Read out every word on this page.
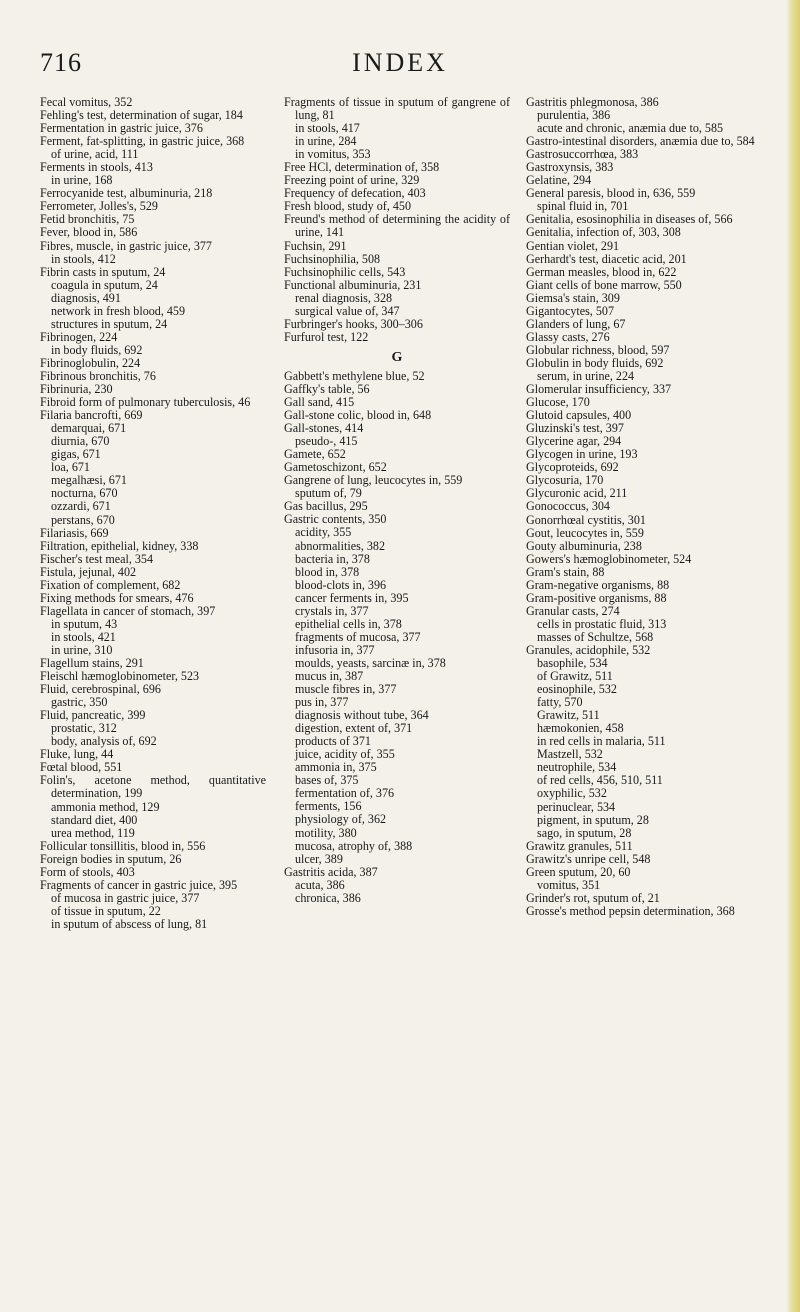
716	INDEX
Fecal vomitus, 352
Fehling's test, determination of sugar, 184
Fermentation in gastric juice, 376
Ferment, fat-splitting, in gastric juice, 368
of urine, acid, 111
Ferments in stools, 413
in urine, 168
Ferrocyanide test, albuminuria, 218
Ferrometer, Jolles's, 529
Fetid bronchitis, 75
Fever, blood in, 586
Fibres, muscle, in gastric juice, 377
in stools, 412
Fibrin casts in sputum, 24
coagula in sputum, 24
diagnosis, 491
network in fresh blood, 459
structures in sputum, 24
Fibrinogen, 224
in body fluids, 692
Fibrinoglobulin, 224
Fibrinous bronchitis, 76
Fibrinuria, 230
Fibroid form of pulmonary tuberculosis, 46
Filaria bancrofti, 669
demarquai, 671
diurnia, 670
gigas, 671
loa, 671
megalhæsi, 671
nocturna, 670
ozzardi, 671
perstans, 670
Filariasis, 669
Filtration, epithelial, kidney, 338
Fischer's test meal, 354
Fistula, jejunal, 402
Fixation of complement, 682
Fixing methods for smears, 476
Flagellata in cancer of stomach, 397
in sputum, 43
in stools, 421
in urine, 310
Flagellum stains, 291
Fleischl hæmoglobinometer, 523
Fluid, cerebrospinal, 696
gastric, 350
Fluid, pancreatic, 399
prostatic, 312
body, analysis of, 692
Fluke, lung, 44
Fœtal blood, 551
Folin's, acetone method, quantitative determination, 199
ammonia method, 129
standard diet, 400
urea method, 119
Follicular tonsillitis, blood in, 556
Foreign bodies in sputum, 26
Form of stools, 403
Fragments of cancer in gastric juice, 395
of mucosa in gastric juice, 377
of tissue in sputum, 22
in sputum of abscess of lung, 81
Fragments of tissue in sputum of gangrene of lung, 81
in stools, 417
in urine, 284
in vomitus, 353
Free HCl, determination of, 358
Freezing point of urine, 329
Frequency of defecation, 403
Fresh blood, study of, 450
Freund's method of determining the acidity of urine, 141
Fuchsin, 291
Fuchsinophilia, 508
Fuchsinophilic cells, 543
Functional albuminuria, 231
renal diagnosis, 328
surgical value of, 347
Furbringer's hooks, 300–306
Furfurol test, 122
G
Gabbett's methylene blue, 52
Gaffky's table, 56
Gall sand, 415
Gall-stone colic, blood in, 648
Gall-stones, 414
pseudo-, 415
Gamete, 652
Gametoschizont, 652
Gangrene of lung, leucocytes in, 559
sputum of, 79
Gas bacillus, 295
Gastric contents, 350
acidity, 355
abnormalities, 382
bacteria in, 378
blood in, 378
blood-clots in, 396
cancer ferments in, 395
crystals in, 377
epithelial cells in, 378
fragments of mucosa, 377
infusoria in, 377
moulds, yeasts, sarcinæ in, 378
mucus in, 387
muscle fibres in, 377
pus in, 377
diagnosis without tube, 364
digestion, extent of, 371
products of 371
juice, acidity of, 355
ammonia in, 375
bases of, 375
fermentation of, 376
ferments, 156
physiology of, 362
motility, 380
mucosa, atrophy of, 388
ulcer, 389
Gastritis acida, 387
acuta, 386
chronica, 386
Gastritis phlegmonosa, 386
purulentia, 386
acute and chronic, anæmia due to, 585
Gastro-intestinal disorders, anæmia due to, 584
Gastrosuccorrhœa, 383
Gastroxynsis, 383
Gelatine, 294
General paresis, blood in, 636, 559
spinal fluid in, 701
Genitalia, esosinophilia in diseases of, 566
Genitalia, infection of, 303, 308
Gentian violet, 291
Gerhardt's test, diacetic acid, 201
German measles, blood in, 622
Giant cells of bone marrow, 550
Giemsa's stain, 309
Gigantocytes, 507
Glanders of lung, 67
Glassy casts, 276
Globular richness, blood, 597
Globulin in body fluids, 692
serum, in urine, 224
Glomerular insufficiency, 337
Glucose, 170
Glutoid capsules, 400
Gluzinski's test, 397
Glycerine agar, 294
Glycogen in urine, 193
Glycoproteids, 692
Glycosuria, 170
Glycuronic acid, 211
Gonococcus, 304
Gonorrhœal cystitis, 301
Gout, leucocytes in, 559
Gouty albuminuria, 238
Gowers's hæmoglobinometer, 524
Gram's stain, 88
Gram-negative organisms, 88
Gram-positive organisms, 88
Granular casts, 274
cells in prostatic fluid, 313
masses of Schultze, 568
Granules, acidophile, 532
basophile, 534
of Grawitz, 511
eosinophile, 532
fatty, 570
Grawitz, 511
hæmokonien, 458
in red cells in malaria, 511
Mastzell, 532
neutrophile, 534
of red cells, 456, 510, 511
oxyphilic, 532
perinuclear, 534
pigment, in sputum, 28
sago, in sputum, 28
Grawitz granules, 511
Grawitz's unripe cell, 548
Green sputum, 20, 60
vomitus, 351
Grinder's rot, sputum of, 21
Grosse's method pepsin determination, 368
